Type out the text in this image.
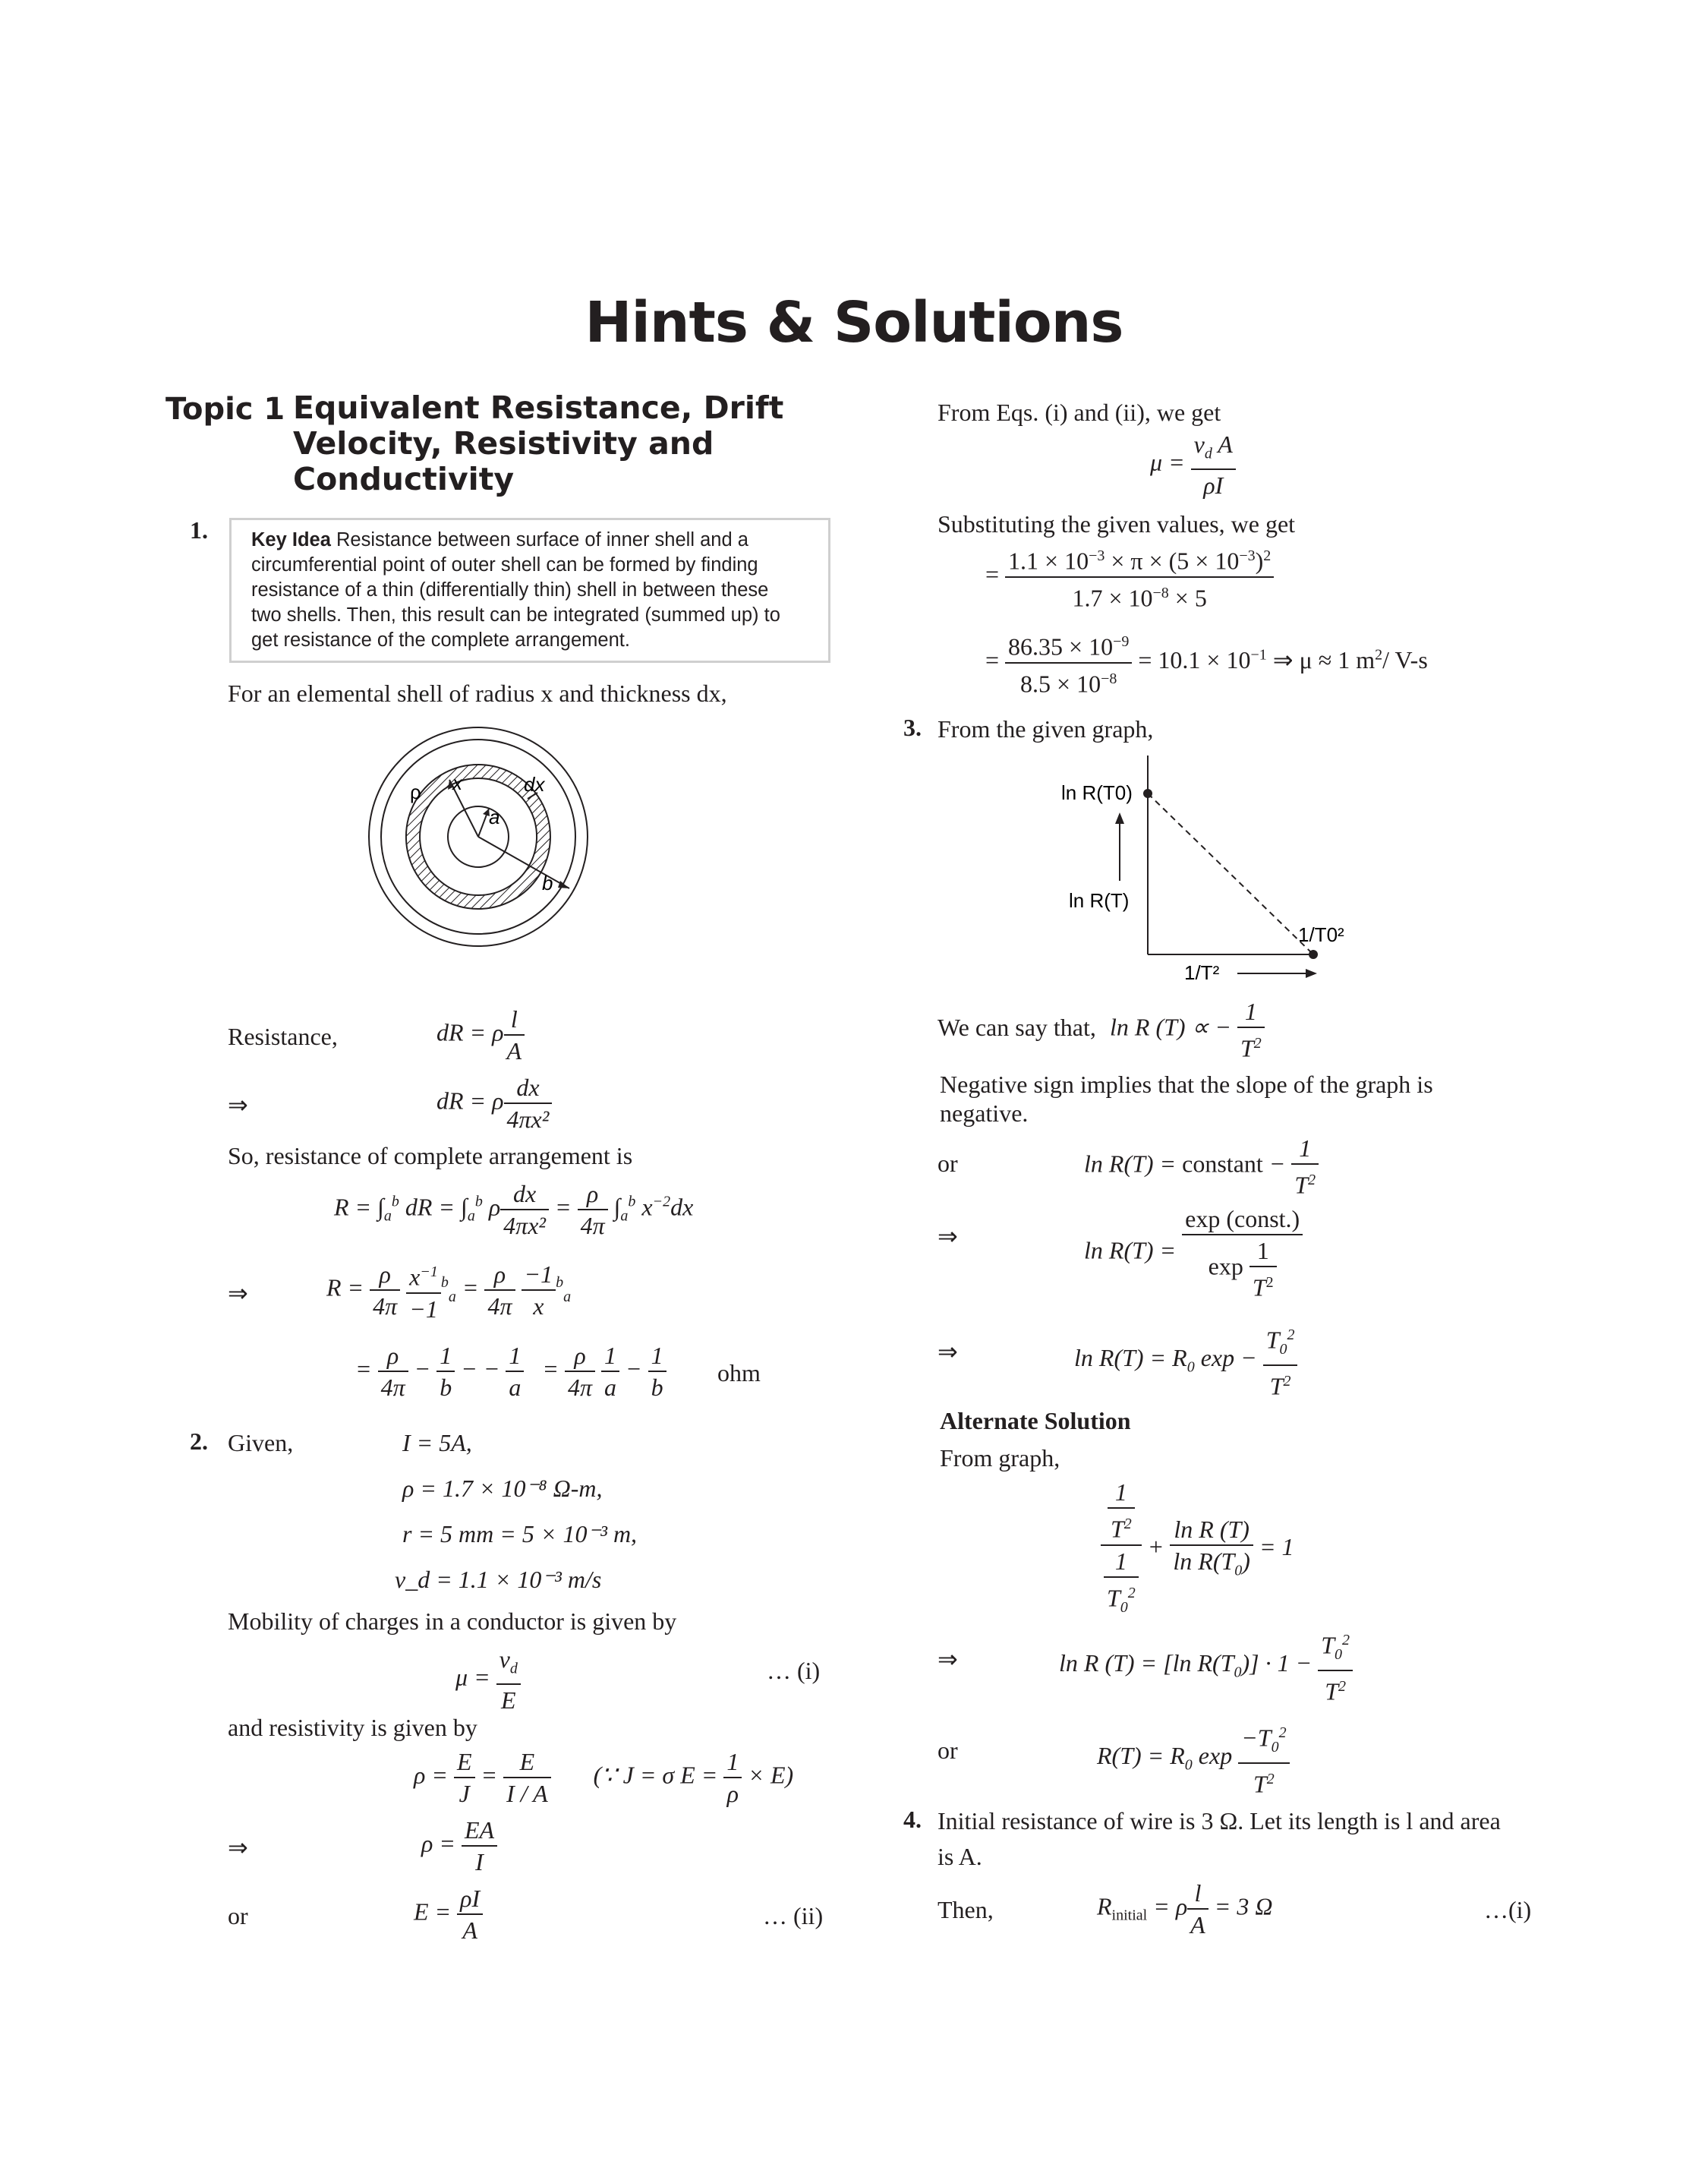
Hints & Solutions
Topic 1 Equivalent Resistance, Drift
Velocity, Resistivity and
Conductivity
1. Key Idea Resistance between surface of inner shell and a
circumferential point of outer shell can be formed by finding
resistance of a thin (differentially thin) shell in between these
two shells. Then, this result can be integrated (summed up) to
get resistance of the complete arrangement.
For an elemental shell of radius x and thickness dx,
ρ x	dx
a
b
Resistance,	dR = ρ $\frac{l}{A}$
⇒	dR = ρ $\frac{dx}{\text{4πx²}}$
So, resistance of complete arrangement is
$R = \int_a^b$ dR = $\int_a^b$ ρ $\frac{dx}{\text{4πx²}} = \frac{\rho}{4\pi} \int_a^b$ $x^{-2}dx$
⇒	$R = \frac{\rho}{4\pi}$
$\frac{x^{-1}}{-1} ^b_a = \frac{\rho}{4\pi}$
$\frac{-1}{x} ^b_a$
= $\frac{\rho}{4\pi} - \frac{1}{b}$ − − $\frac{1}{a} = \frac{\rho}{4\pi}$
$\frac{1}{a} - \frac{1}{b}$ ohm
2. Given,	I = 5A,
ρ = 1.7 × 10⁻⁸ Ω-m,
r = 5 mm = 5 × 10⁻³ m,
v_d = 1.1 × 10⁻³ m/s
Mobility of charges in a conductor is given by
$\mu = \frac{v_d}{E}$	… (i)
and resistivity is given by
$\rho = \frac{E}{J} = \frac{E}{I / A}$ (∵ J = σ $E = \frac{1}{\rho} \times E$)
⇒	$\rho = \frac{EA}{I}$
or	$E = \frac{\rho I}{A}$	… (ii)
From Eqs. (i) and (ii), we get
$\mu = \frac{v_d A}{\rho I}$
Substituting the given values, we get
= $\frac{1.1 \times 10^{-3} \times \pi \times (5 \times 10^{-3})^2}{1.7 \times 10^{-8} \times 5}$
= $\frac{86.35 \times 10^{-9}}{8.5 \times 10^{-8}} = 10.1 \times 10^{-1}$ ⇒ μ ≈ 1 $m^2/$ V-s
3. From the given graph,
ln R(T0)
ln R(T)
1/T²
1/T0²
We can say that, ln R (T) ∝ − $\frac{1}{T^2}$
Negative sign implies that the slope of the graph is
negative.
or	ln R(T) = constant − $\frac{1}{T^2}$
⇒
$\ln R(T) = \frac{\text{exp (const.)}}{\exp \frac{1}{T^2}}$
⇒	$\ln R(T) = R_0$ $\exp - \frac{T_0^2}{T^2}$
Alternate Solution
From graph,
$\frac{\frac{1}{T^2}}{\frac{1}{T_0^2}} + \frac{\text{ln R (T)}}{\ln R(T_0)} = 1$
⇒	ln R (T) = [ln $R(T_0)] \cdot 1 - \frac{T_0^2}{T^2}$
or	$R(T) = R_0$ $\exp \frac{-T_0^2}{T^2}$
4. Initial resistance of wire is 3 Ω. Let its length is l and area
is A.
Then,	$R_{initial} = \rho \frac{l}{A} = 3$ Ω	…(i)
